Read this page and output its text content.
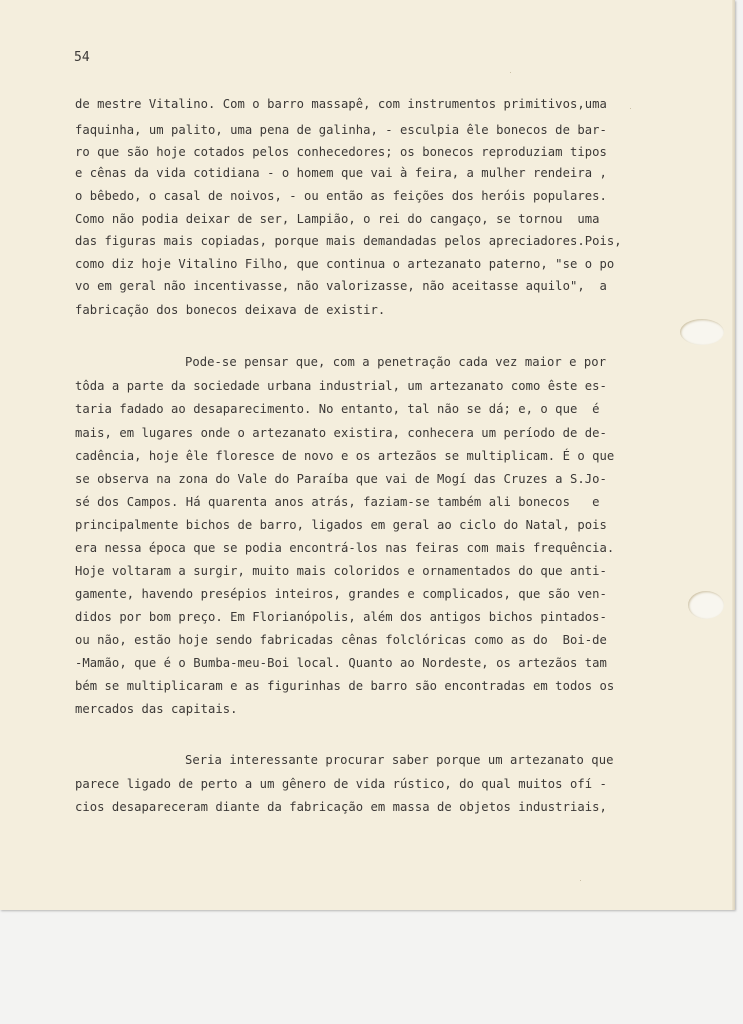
54
de mestre Vitalino. Com o barro massapê, com instrumentos primitivos,uma
faquinha, um palito, uma pena de galinha, - esculpia êle bonecos de bar-
ro que são hoje cotados pelos conhecedores; os bonecos reproduziam tipos
e cênas da vida cotidiana - o homem que vai à feira, a mulher rendeira ,
o bêbedo, o casal de noivos, - ou então as feições dos heróis populares.
Como não podia deixar de ser, Lampião, o rei do cangaço, se tornou  uma
das figuras mais copiadas, porque mais demandadas pelos apreciadores.Pois,
como diz hoje Vitalino Filho, que continua o artezanato paterno, "se o po
vo em geral não incentivasse, não valorizasse, não aceitasse aquilo",  a
fabricação dos bonecos deixava de existir.
Pode-se pensar que, com a penetração cada vez maior e por
tôda a parte da sociedade urbana industrial, um artezanato como êste es-
taria fadado ao desaparecimento. No entanto, tal não se dá; e, o que  é
mais, em lugares onde o artezanato existira, conhecera um período de de-
cadência, hoje êle floresce de novo e os artezãos se multiplicam. É o que
se observa na zona do Vale do Paraíba que vai de Mogí das Cruzes a S.Jo-
sé dos Campos. Há quarenta anos atrás, faziam-se também ali bonecos   e
principalmente bichos de barro, ligados em geral ao ciclo do Natal, pois
era nessa época que se podia encontrá-los nas feiras com mais frequência.
Hoje voltaram a surgir, muito mais coloridos e ornamentados do que anti-
gamente, havendo presépios inteiros, grandes e complicados, que são ven-
didos por bom preço. Em Florianópolis, além dos antigos bichos pintados-
ou não, estão hoje sendo fabricadas cênas folclóricas como as do  Boi-de
-Mamão, que é o Bumba-meu-Boi local. Quanto ao Nordeste, os artezãos tam
bém se multiplicaram e as figurinhas de barro são encontradas em todos os
mercados das capitais.
Seria interessante procurar saber porque um artezanato que
parece ligado de perto a um gênero de vida rústico, do qual muitos ofí -
cios desapareceram diante da fabricação em massa de objetos industriais,
